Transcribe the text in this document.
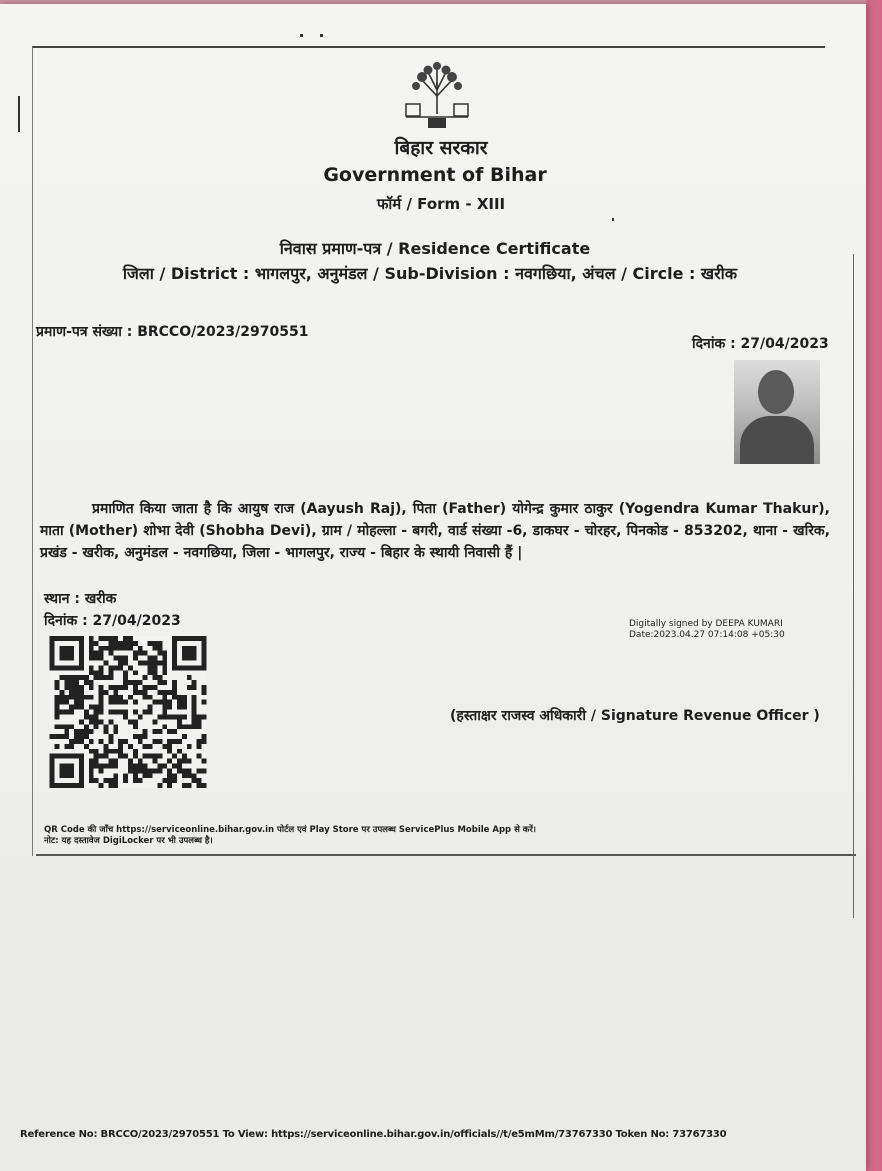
बिहार सरकार
Government of Bihar
फॉर्म / Form - XIII
निवास प्रमाण-पत्र / Residence Certificate
जिला / District : भागलपुर, अनुमंडल / Sub-Division : नवगछिया, अंचल / Circle : खरीक
प्रमाण-पत्र संख्या : BRCCO/2023/2970551
दिनांक : 27/04/2023

प्रमाणित किया जाता है कि आयुष राज (Aayush Raj), पिता (Father) योगेन्द्र कुमार ठाकुर (Yogendra Kumar Thakur), माता (Mother) शोभा देवी (Shobha Devi), ग्राम / मोहल्ला - बगरी, वार्ड संख्या -6, डाकघर - चोरहर, पिनकोड - 853202, थाना - खरिक, प्रखंड - खरीक, अनुमंडल - नवगछिया, जिला - भागलपुर, राज्य - बिहार के स्थायी निवासी हैं |

स्थान : खरीक
दिनांक : 27/04/2023	Digitally signed by DEEPA KUMARI
Date:2023.04.27 07:14:08 +05:30
(हस्ताक्षर राजस्व अधिकारी / Signature Revenue Officer )
QR Code की जाँच https://serviceonline.bihar.gov.in पोर्टल एवं Play Store पर उपलब्ध ServicePlus Mobile App से करें।
नोट: यह दस्तावेज DigiLocker पर भी उपलब्ध है।
Reference No: BRCCO/2023/2970551 To View: https://serviceonline.bihar.gov.in/officials//t/e5mMm/73767330 Token No: 73767330
